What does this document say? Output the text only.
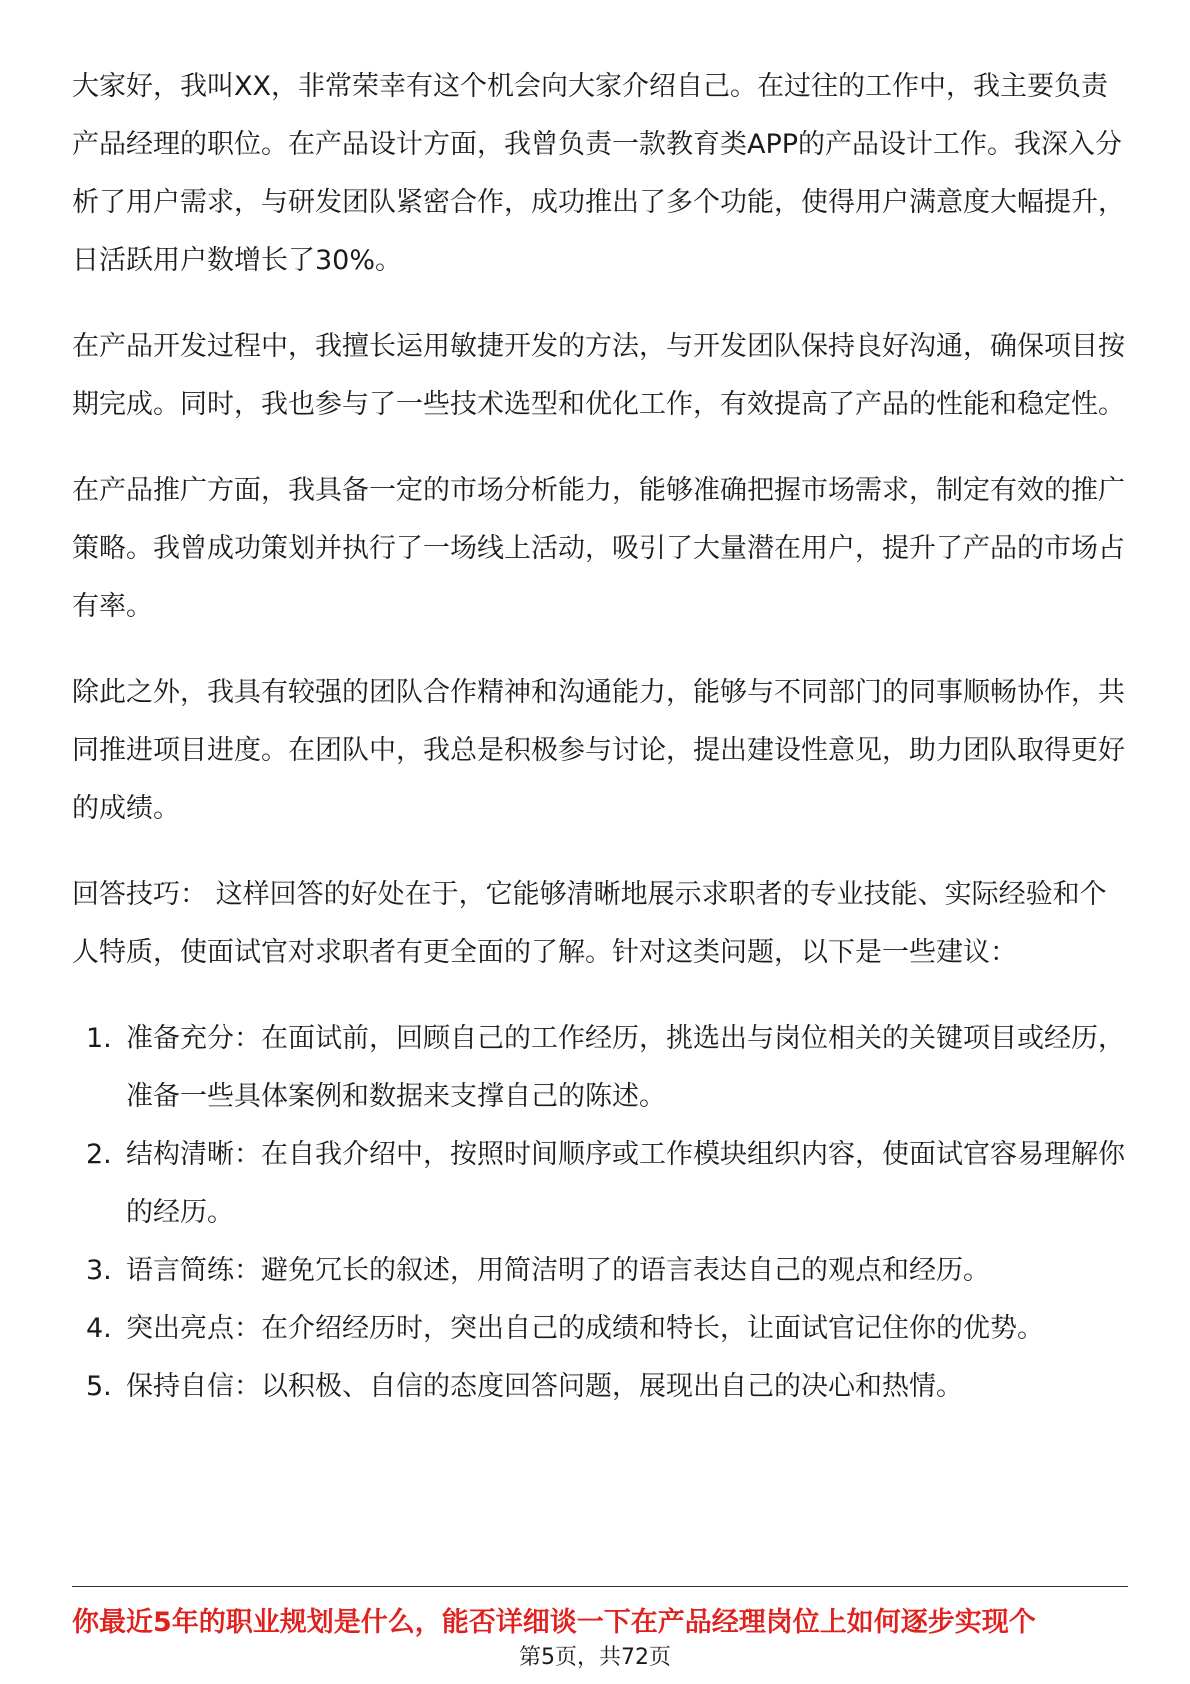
大家好，我叫XX，非常荣幸有这个机会向大家介绍自己。在过往的工作中，我主要负责产品经理的职位。在产品设计方面，我曾负责一款教育类APP的产品设计工作。我深入分析了用户需求，与研发团队紧密合作，成功推出了多个功能，使得用户满意度大幅提升，日活跃用户数增长了30%。

在产品开发过程中，我擅长运用敏捷开发的方法，与开发团队保持良好沟通，确保项目按期完成。同时，我也参与了一些技术选型和优化工作，有效提高了产品的性能和稳定性。

在产品推广方面，我具备一定的市场分析能力，能够准确把握市场需求，制定有效的推广策略。我曾成功策划并执行了一场线上活动，吸引了大量潜在用户，提升了产品的市场占有率。

除此之外，我具有较强的团队合作精神和沟通能力，能够与不同部门的同事顺畅协作，共同推进项目进度。在团队中，我总是积极参与讨论，提出建设性意见，助力团队取得更好的成绩。

回答技巧： 这样回答的好处在于，它能够清晰地展示求职者的专业技能、实际经验和个人特质，使面试官对求职者有更全面的了解。针对这类问题，以下是一些建议：

1. 准备充分：在面试前，回顾自己的工作经历，挑选出与岗位相关的关键项目或经历，准备一些具体案例和数据来支撑自己的陈述。
2. 结构清晰：在自我介绍中，按照时间顺序或工作模块组织内容，使面试官容易理解你的经历。
3. 语言简练：避免冗长的叙述，用简洁明了的语言表达自己的观点和经历。
4. 突出亮点：在介绍经历时，突出自己的成绩和特长，让面试官记住你的优势。
5. 保持自信：以积极、自信的态度回答问题，展现出自己的决心和热情。
你最近5年的职业规划是什么，能否详细谈一下在产品经理岗位上如何逐步实现个
第5页，共72页
